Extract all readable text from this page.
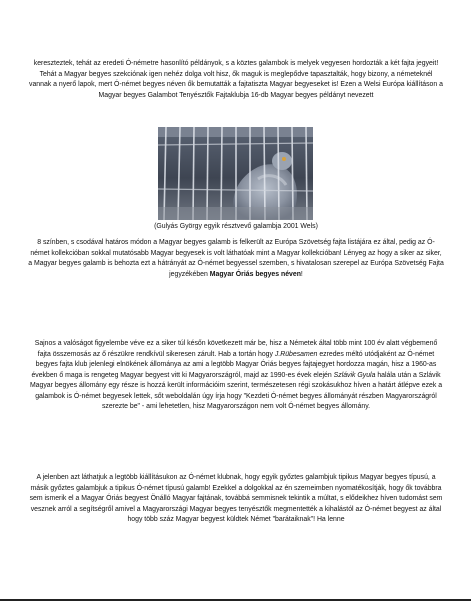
kereszteztek, tehát az eredeti Ó-németre hasonlító példányok, s a köztes galambok is melyek vegyesen hordozták a két fajta jegyeit! Tehát a Magyar begyes szekciónak igen nehéz dolga volt hisz, ők maguk is meglepődve tapasztalták, hogy bizony, a németeknél vannak a nyerő lapok, mert Ó-német begyes néven ők bemutatták a fajtatiszta Magyar begyeseket is! Ezen a Welsi Európa kiállításon a Magyar begyes Galambot Tenyésztők Fajtaklubja 16-db Magyar begyes példányt nevezett

(Gulyás György egyik résztvevő galambja 2001 Wels)

8 színben, s csodával határos módon a Magyar begyes galamb is felkerült az Európa Szövetség fajta listájára ez által, pedig az Ó-német kollekcióban sokkal mutatósabb Magyar begyesek is volt láthatóak mint a Magyar kollekcióban! Lényeg az hogy a siker az siker, a Magyar begyes galamb is behozta ezt a hátrányát az Ó-német begyessel szemben, s hivatalosan szerepel az Európa Szövetség Fajta jegyzékében Magyar Óriás begyes néven!

Sajnos a valóságot figyelembe véve ez a siker túl későn következett már be, hisz a Németek által több mint 100 év alatt végbemenő fajta összemosás az ő részükre rendkívül sikeresen zárult. Hab a tortán hogy J.Rübesamen ezredes méltó utódjaként az Ó-német begyes fajta klub jelenlegi elnökének állománya az ami a legtöbb Magyar Óriás begyes fajtajegyet hordozza magán, hisz a 1960-as években ő maga is rengeteg Magyar begyest vitt ki Magyarországról, majd az 1990-es évek elején Szlávik Gyula halála után a Szlávik Magyar begyes állomány egy része is hozzá került információim szerint, természetesen régi szokásukhoz híven a határt átlépve ezek a galambok is Ó-német begyesek lettek, sőt weboldalán úgy írja hogy "Kezdeti Ó-német begyes állományát részben Magyarországról szerezte be" - ami lehetetlen, hisz Magyarországon nem volt Ó-német begyes állomány.

A jelenben azt láthatjuk a legtöbb kiállításukon az Ó-német klubnak, hogy egyik győztes galambjuk tipikus Magyar begyes típusú, a másik győztes galambjuk a tipikus Ó-német típusú galamb! Ezekkel a dolgokkal az én szemeimben nyomatékosítják, hogy ők továbbra sem ismerik el a Magyar Óriás begyest Önálló Magyar fajtának, továbbá semmisnek tekintik a múltat, s elődeikhez híven tudomást sem vesznek arról a segítségről amivel a Magyarországi Magyar begyes tenyésztők megmentették a kihalástól az Ó-német begyest az által hogy több száz Magyar begyest küldtek Német "barátaiknak"! Ha lenne
